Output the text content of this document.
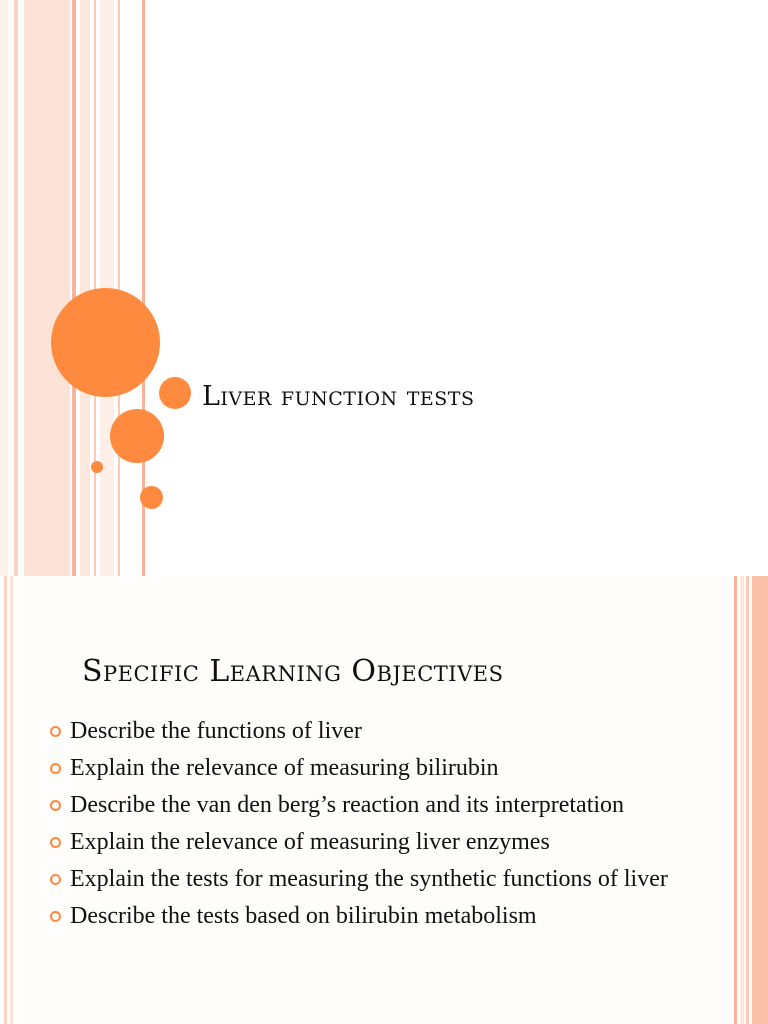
Liver function tests
Specific Learning Objectives
Describe the functions of liver
Explain the relevance of measuring bilirubin
Describe the van den berg’s reaction and its interpretation
Explain the relevance of measuring liver enzymes
Explain the tests for measuring the synthetic functions of liver
Describe the tests based on bilirubin metabolism
